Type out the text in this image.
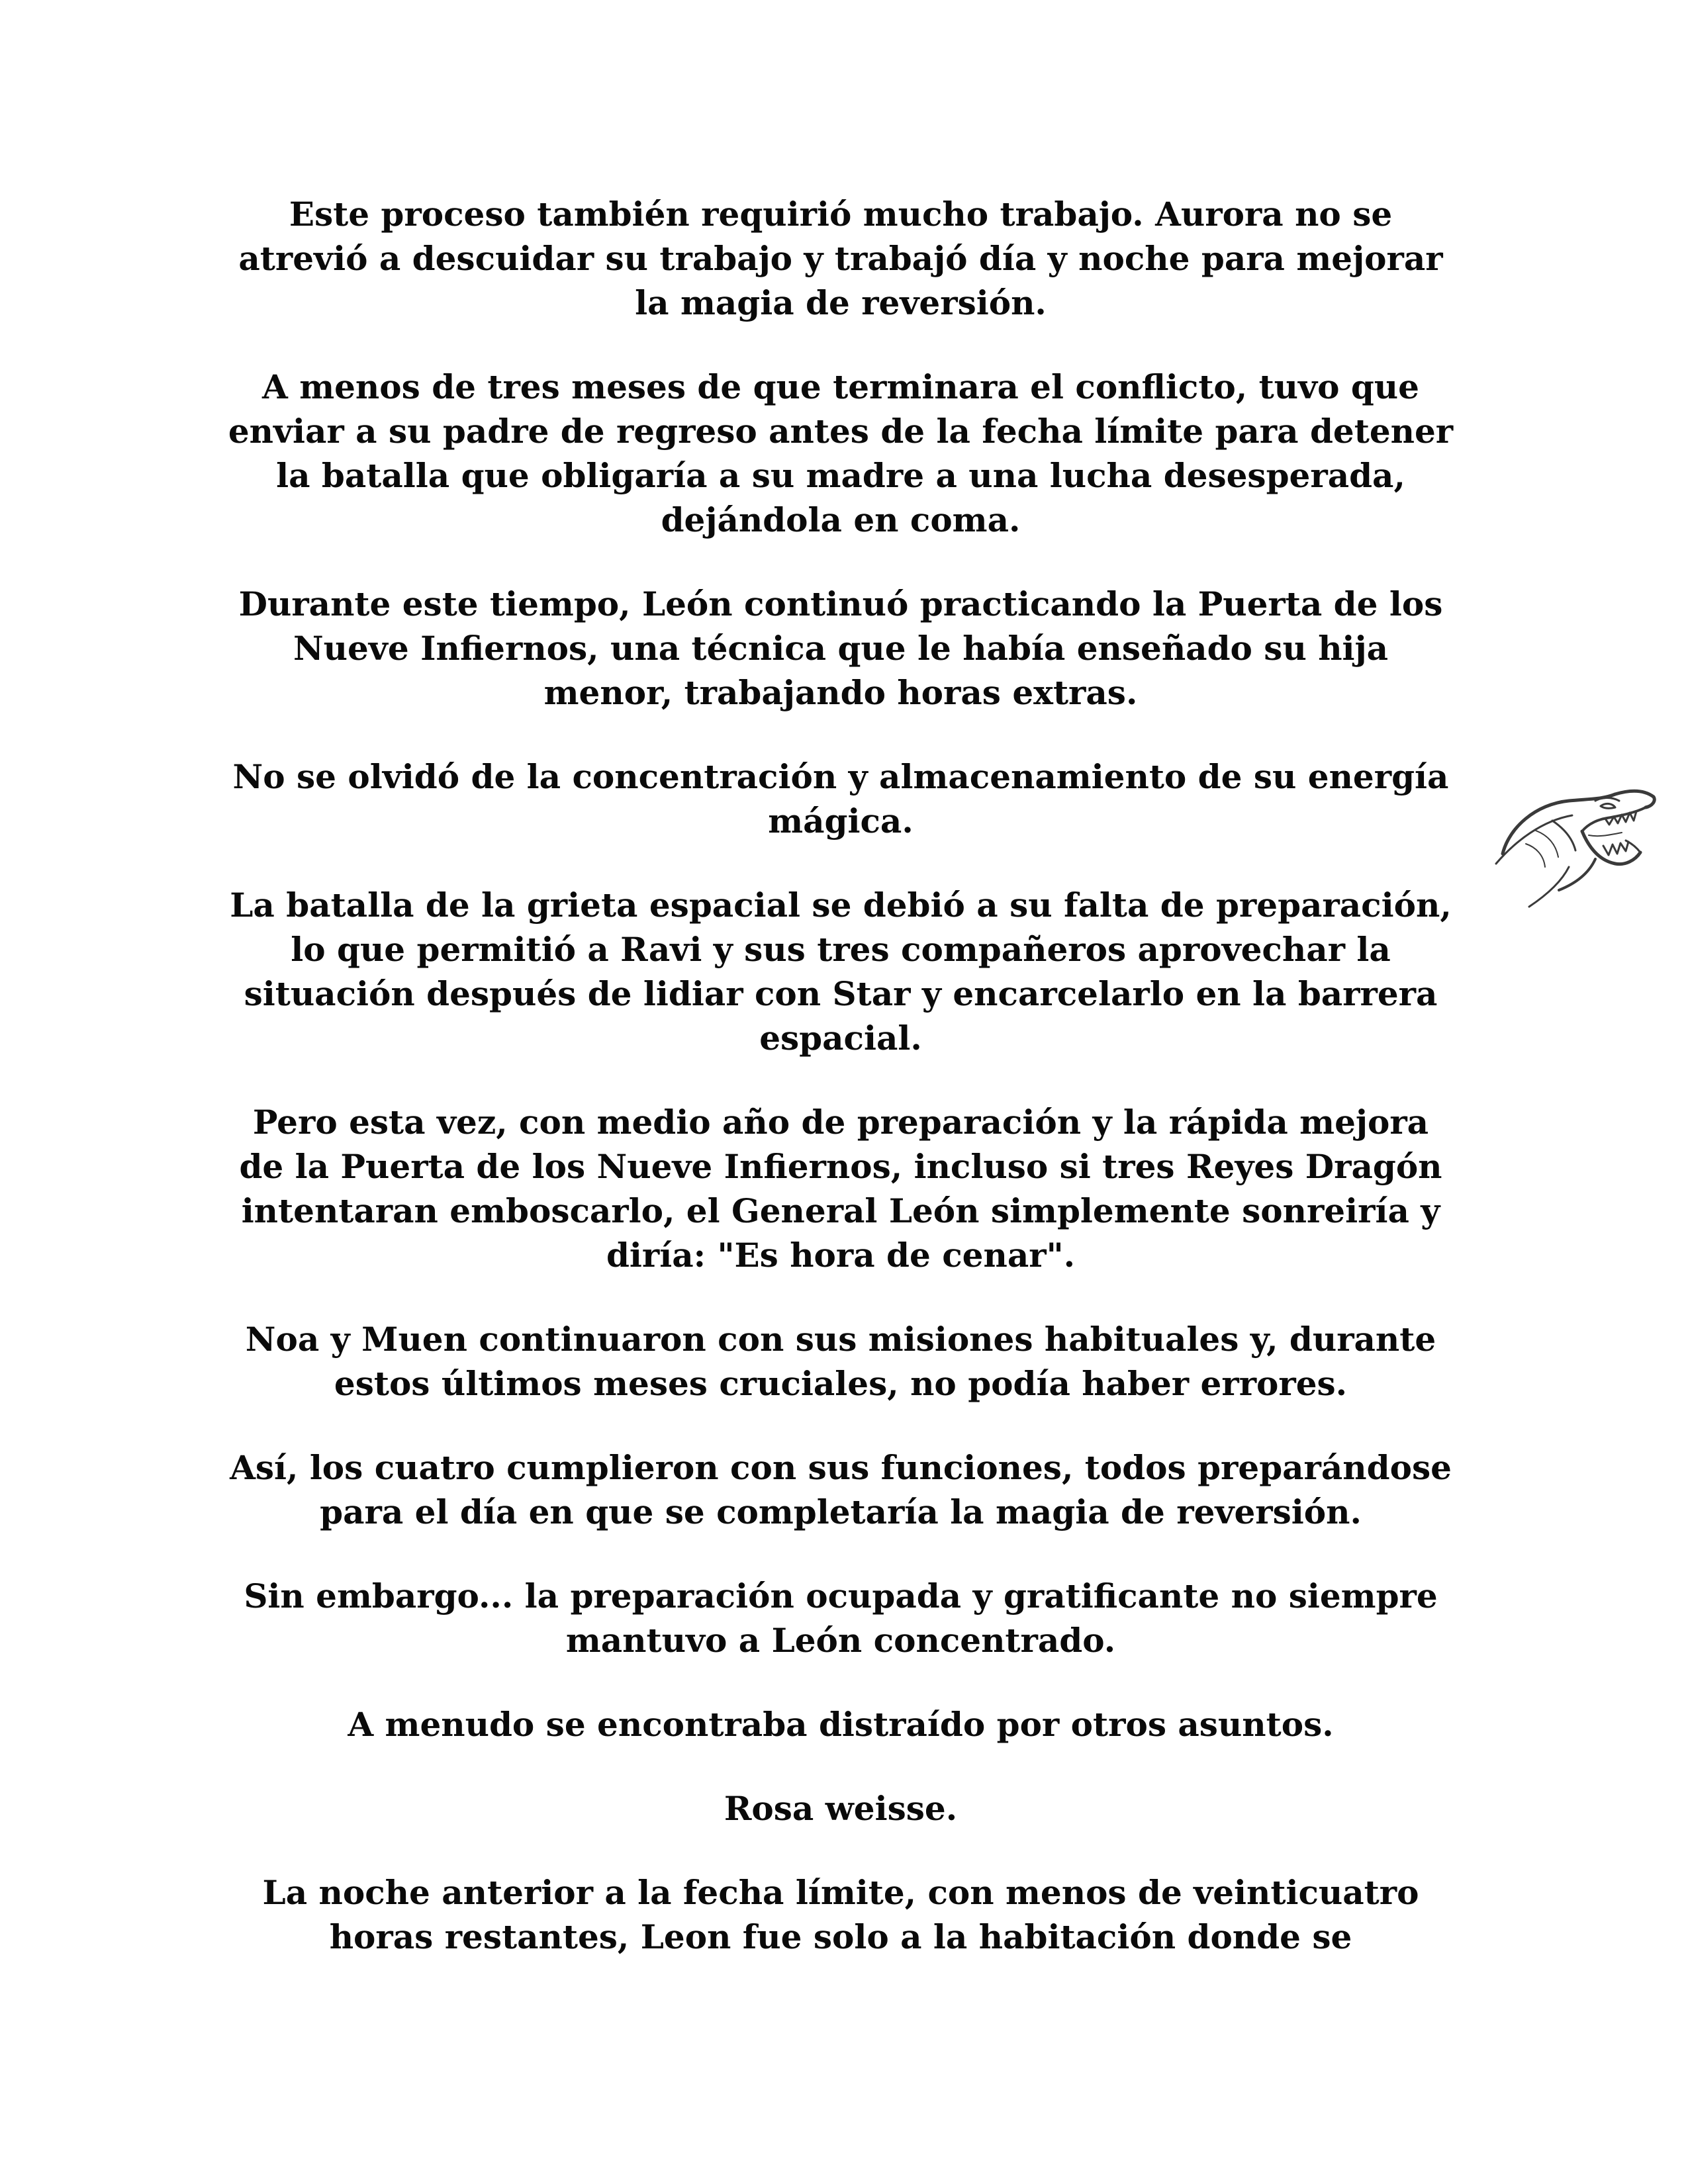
Este proceso también requirió mucho trabajo. Aurora no se atrevió a descuidar su trabajo y trabajó día y noche para mejorar la magia de reversión.

A menos de tres meses de que terminara el conflicto, tuvo que enviar a su padre de regreso antes de la fecha límite para detener la batalla que obligaría a su madre a una lucha desesperada, dejándola en coma.

Durante este tiempo, León continuó practicando la Puerta de los Nueve Infiernos, una técnica que le había enseñado su hija menor, trabajando horas extras.

No se olvidó de la concentración y almacenamiento de su energía mágica.

La batalla de la grieta espacial se debió a su falta de preparación, lo que permitió a Ravi y sus tres compañeros aprovechar la situación después de lidiar con Star y encarcelarlo en la barrera espacial.

Pero esta vez, con medio año de preparación y la rápida mejora de la Puerta de los Nueve Infiernos, incluso si tres Reyes Dragón intentaran emboscarlo, el General León simplemente sonreiría y diría: "Es hora de cenar".

Noa y Muen continuaron con sus misiones habituales y, durante estos últimos meses cruciales, no podía haber errores.

Así, los cuatro cumplieron con sus funciones, todos preparándose para el día en que se completaría la magia de reversión.

Sin embargo... la preparación ocupada y gratificante no siempre mantuvo a León concentrado.

A menudo se encontraba distraído por otros asuntos.

Rosa weisse.

La noche anterior a la fecha límite, con menos de veinticuatro horas restantes, Leon fue solo a la habitación donde se
